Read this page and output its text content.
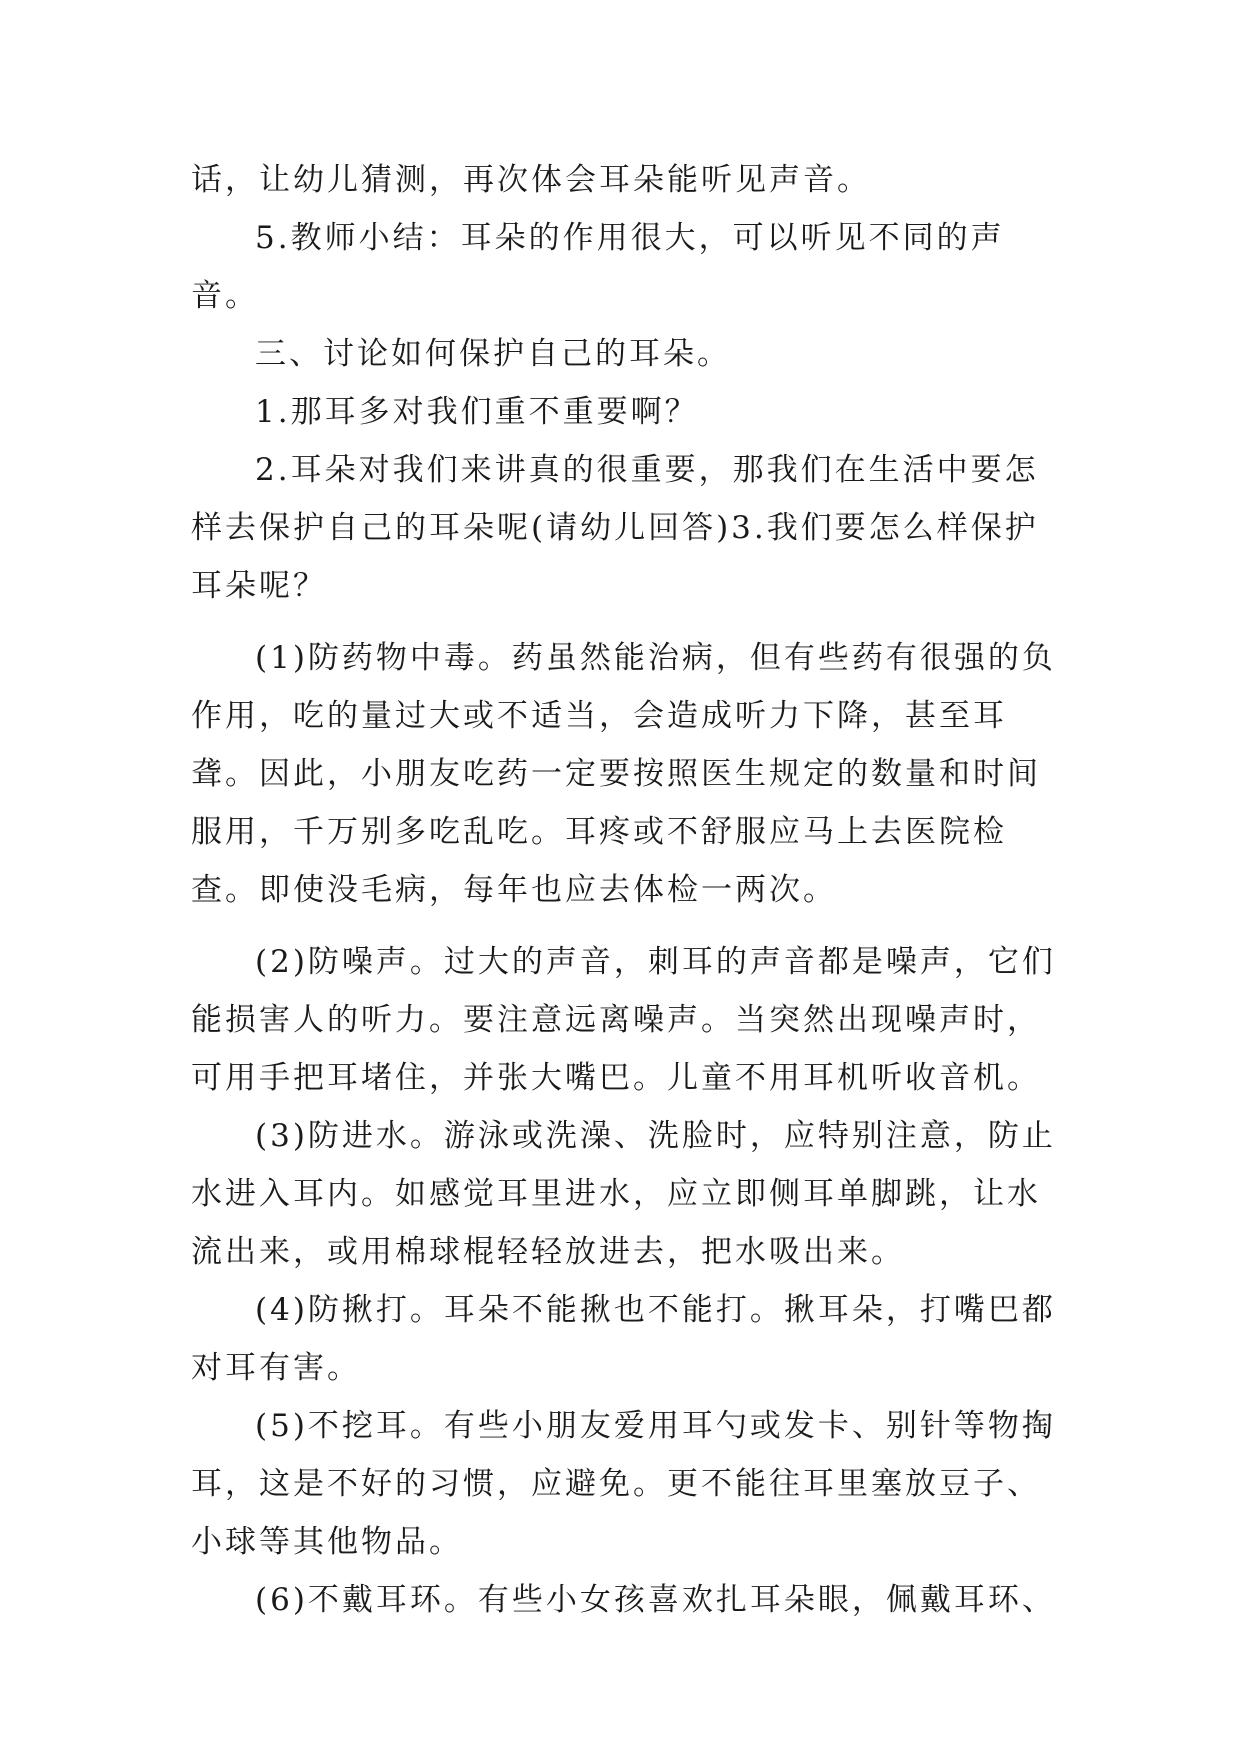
话，让幼儿猜测，再次体会耳朵能听见声音。

5.教师小结：耳朵的作用很大，可以听见不同的声音。

三、讨论如何保护自己的耳朵。

1.那耳多对我们重不重要啊？

2.耳朵对我们来讲真的很重要，那我们在生活中要怎样去保护自己的耳朵呢(请幼儿回答)3.我们要怎么样保护耳朵呢？

(1)防药物中毒。药虽然能治病，但有些药有很强的负作用，吃的量过大或不适当，会造成听力下降，甚至耳聋。因此，小朋友吃药一定要按照医生规定的数量和时间服用，千万别多吃乱吃。耳疼或不舒服应马上去医院检查。即使没毛病，每年也应去体检一两次。

(2)防噪声。过大的声音，刺耳的声音都是噪声，它们能损害人的听力。要注意远离噪声。当突然出现噪声时，可用手把耳堵住，并张大嘴巴。儿童不用耳机听收音机。

(3)防进水。游泳或洗澡、洗脸时，应特别注意，防止水进入耳内。如感觉耳里进水，应立即侧耳单脚跳，让水流出来，或用棉球棍轻轻放进去，把水吸出来。

(4)防揪打。耳朵不能揪也不能打。揪耳朵，打嘴巴都对耳有害。

(5)不挖耳。有些小朋友爱用耳勺或发卡、别针等物掏耳，这是不好的习惯，应避免。更不能往耳里塞放豆子、小球等其他物品。

(6)不戴耳环。有些小女孩喜欢扎耳朵眼，佩戴耳环、
